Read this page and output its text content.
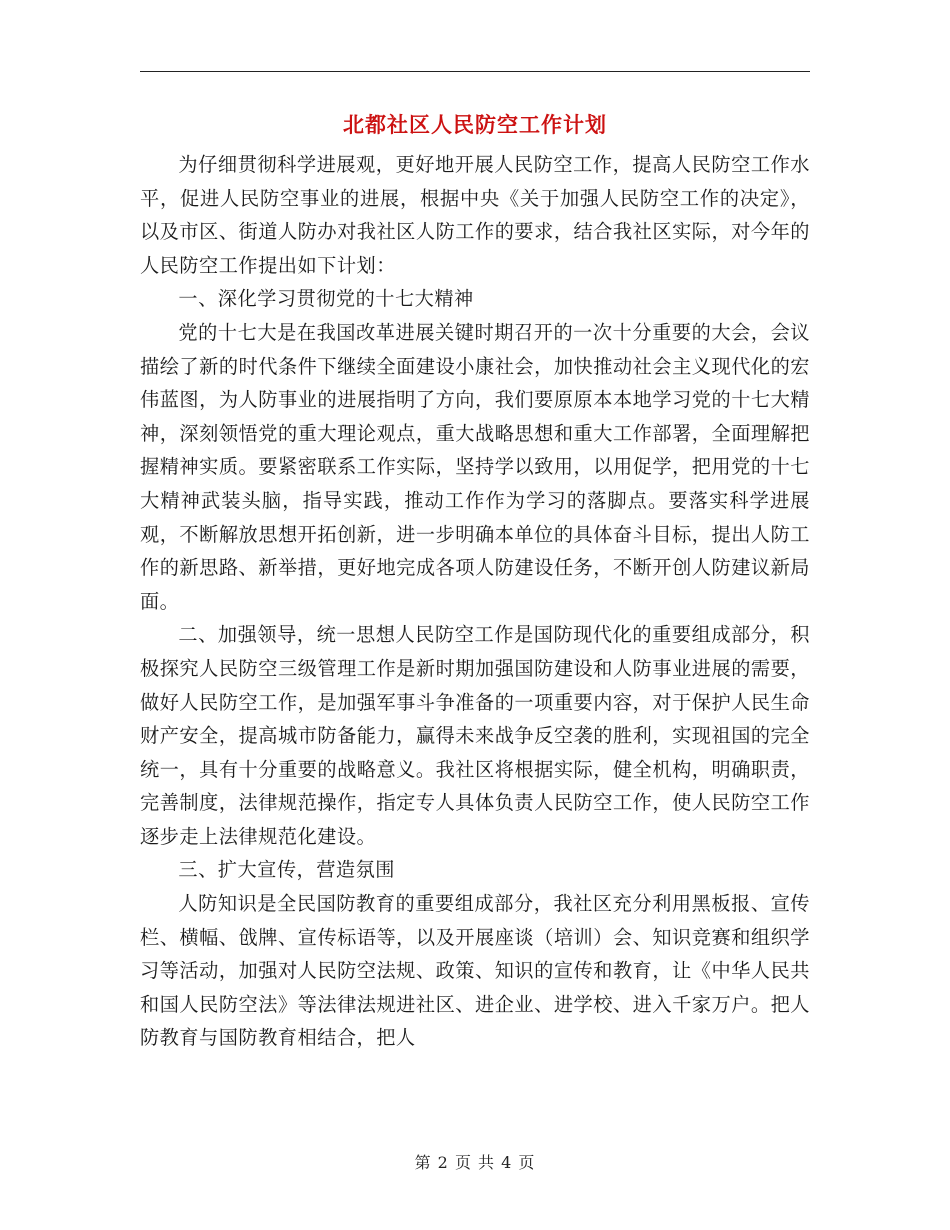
北都社区人民防空工作计划

为仔细贯彻科学进展观，更好地开展人民防空工作，提高人民防空工作水平，促进人民防空事业的进展，根据中央《关于加强人民防空工作的决定》，以及市区、街道人防办对我社区人防工作的要求，结合我社区实际，对今年的人民防空工作提出如下计划：

一、深化学习贯彻党的十七大精神

党的十七大是在我国改革进展关键时期召开的一次十分重要的大会，会议描绘了新的时代条件下继续全面建设小康社会，加快推动社会主义现代化的宏伟蓝图，为人防事业的进展指明了方向，我们要原原本本地学习党的十七大精神，深刻领悟党的重大理论观点，重大战略思想和重大工作部署，全面理解把握精神实质。要紧密联系工作实际，坚持学以致用，以用促学，把用党的十七大精神武装头脑，指导实践，推动工作作为学习的落脚点。要落实科学进展观，不断解放思想开拓创新，进一步明确本单位的具体奋斗目标，提出人防工作的新思路、新举措，更好地完成各项人防建设任务，不断开创人防建议新局面。

二、加强领导，统一思想人民防空工作是国防现代化的重要组成部分，积极探究人民防空三级管理工作是新时期加强国防建设和人防事业进展的需要，做好人民防空工作，是加强军事斗争准备的一项重要内容，对于保护人民生命财产安全，提高城市防备能力，赢得未来战争反空袭的胜利，实现祖国的完全统一，具有十分重要的战略意义。我社区将根据实际，健全机构，明确职责，完善制度，法律规范操作，指定专人具体负责人民防空工作，使人民防空工作逐步走上法律规范化建设。

三、扩大宣传，营造氛围

人防知识是全民国防教育的重要组成部分，我社区充分利用黑板报、宣传栏、横幅、戗牌、宣传标语等，以及开展座谈（培训）会、知识竞赛和组织学习等活动，加强对人民防空法规、政策、知识的宣传和教育，让《中华人民共和国人民防空法》等法律法规进社区、进企业、进学校、进入千家万户。把人防教育与国防教育相结合，把人

第 2 页 共 4 页
